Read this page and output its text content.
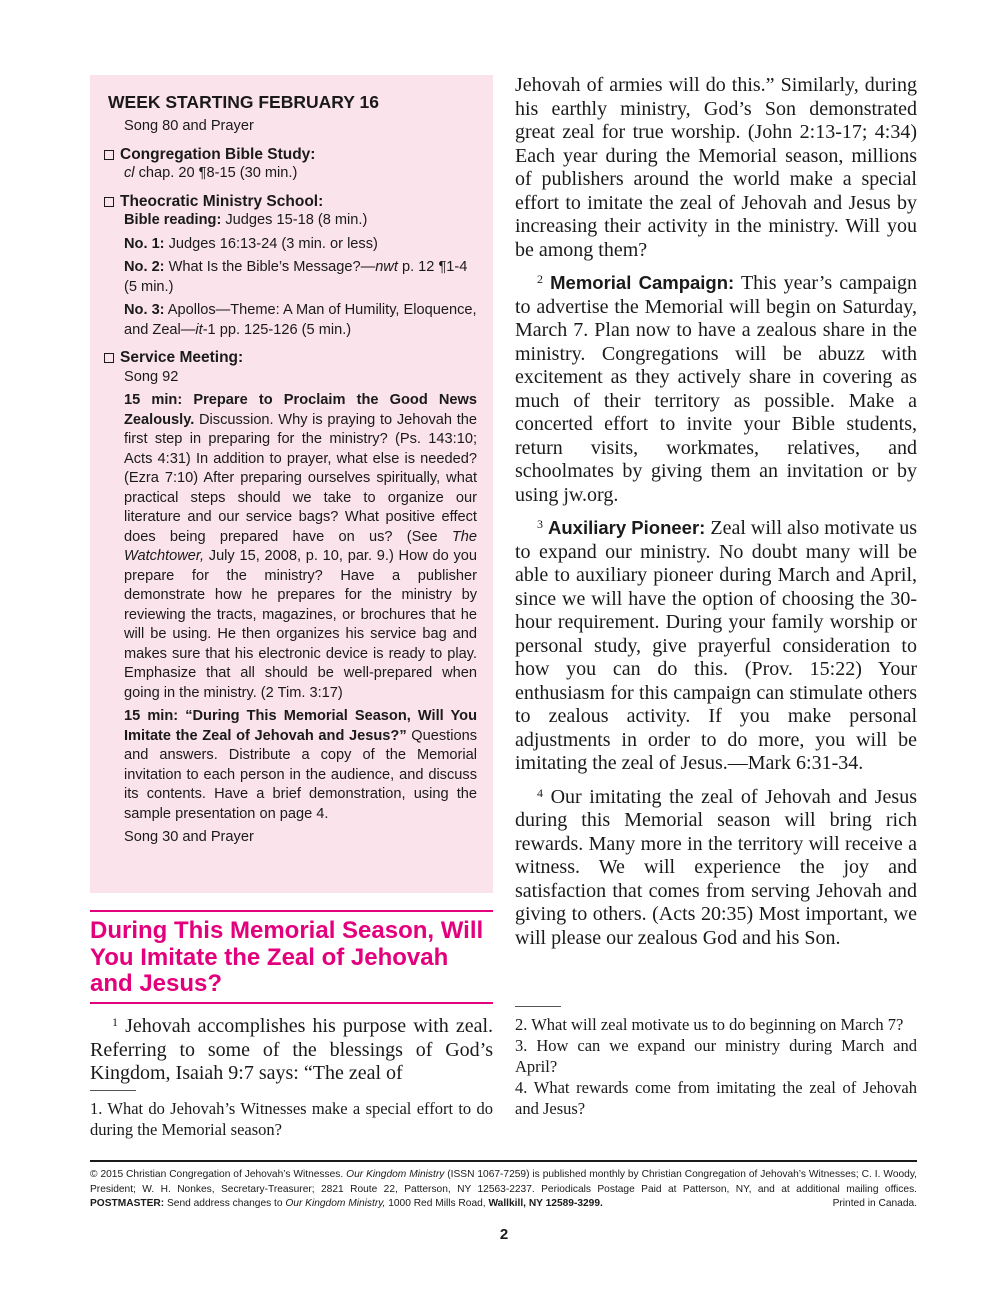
WEEK STARTING FEBRUARY 16
Song 80 and Prayer
Congregation Bible Study:
cl chap. 20 ¶8-15 (30 min.)
Theocratic Ministry School:
Bible reading: Judges 15-18 (8 min.)
No. 1: Judges 16:13-24 (3 min. or less)
No. 2: What Is the Bible’s Message?—nwt p. 12 ¶1-4 (5 min.)
No. 3: Apollos—Theme: A Man of Humility, Eloquence, and Zeal—it-1 pp. 125-126 (5 min.)
Service Meeting:
Song 92
15 min: Prepare to Proclaim the Good News Zealously. Discussion. Why is praying to Jehovah the first step in preparing for the ministry? (Ps. 143:10; Acts 4:31) In addition to prayer, what else is needed? (Ezra 7:10) After preparing ourselves spiritually, what practical steps should we take to organize our literature and our service bags? What positive effect does being prepared have on us? (See The Watchtower, July 15, 2008, p. 10, par. 9.) How do you prepare for the ministry? Have a publisher demonstrate how he prepares for the ministry by reviewing the tracts, magazines, or brochures that he will be using. He then organizes his service bag and makes sure that his electronic device is ready to play. Emphasize that all should be well-prepared when going in the ministry. (2 Tim. 3:17)
15 min: “During This Memorial Season, Will You Imitate the Zeal of Jehovah and Jesus?” Questions and answers. Distribute a copy of the Memorial invitation to each person in the audience, and discuss its contents. Have a brief demonstration, using the sample presentation on page 4.
Song 30 and Prayer
During This Memorial Season, Will You Imitate the Zeal of Jehovah and Jesus?

$^1$ Jehovah accomplishes his purpose with zeal. Referring to some of the blessings of God’s Kingdom, Isaiah 9:7 says: “The zeal of

1. What do Jehovah’s Witnesses make a special effort to do during the Memorial season?

Jehovah of armies will do this.” Similarly, during his earthly ministry, God’s Son demonstrated great zeal for true worship. (John 2:13-17; 4:34) Each year during the Memorial season, millions of publishers around the world make a special effort to imitate the zeal of Jehovah and Jesus by increasing their activity in the ministry. Will you be among them?

$^2$ Memorial Campaign: This year’s campaign to advertise the Memorial will begin on Saturday, March 7. Plan now to have a zealous share in the ministry. Congregations will be abuzz with excitement as they actively share in covering as much of their territory as possible. Make a concerted effort to invite your Bible students, return visits, workmates, relatives, and schoolmates by giving them an invitation or by using jw.org.

$^3$ Auxiliary Pioneer: Zeal will also motivate us to expand our ministry. No doubt many will be able to auxiliary pioneer during March and April, since we will have the option of choosing the 30-hour requirement. During your family worship or personal study, give prayerful consideration to how you can do this. (Prov. 15:22) Your enthusiasm for this campaign can stimulate others to zealous activity. If you make personal adjustments in order to do more, you will be imitating the zeal of Jesus.—Mark 6:31-34.

$^4$ Our imitating the zeal of Jehovah and Jesus during this Memorial season will bring rich rewards. Many more in the territory will receive a witness. We will experience the joy and satisfaction that comes from serving Jehovah and giving to others. (Acts 20:35) Most important, we will please our zealous God and his Son.

2. What will zeal motivate us to do beginning on March 7?

3. How can we expand our ministry during March and April?

4. What rewards come from imitating the zeal of Jehovah and Jesus?

© 2015 Christian Congregation of Jehovah’s Witnesses. Our Kingdom Ministry (ISSN 1067-7259) is published monthly by Christian Congregation of Jehovah’s Witnesses; C. I. Woody, President; W. H. Nonkes, Secretary-Treasurer; 2821 Route 22, Patterson, NY 12563-2237. Periodicals Postage Paid at Patterson, NY, and at additional mailing offices. POSTMASTER: Send address changes to Our Kingdom Ministry, 1000 Red Mills Road, Wallkill, NY 12589-3299.	Printed in Canada.
2
